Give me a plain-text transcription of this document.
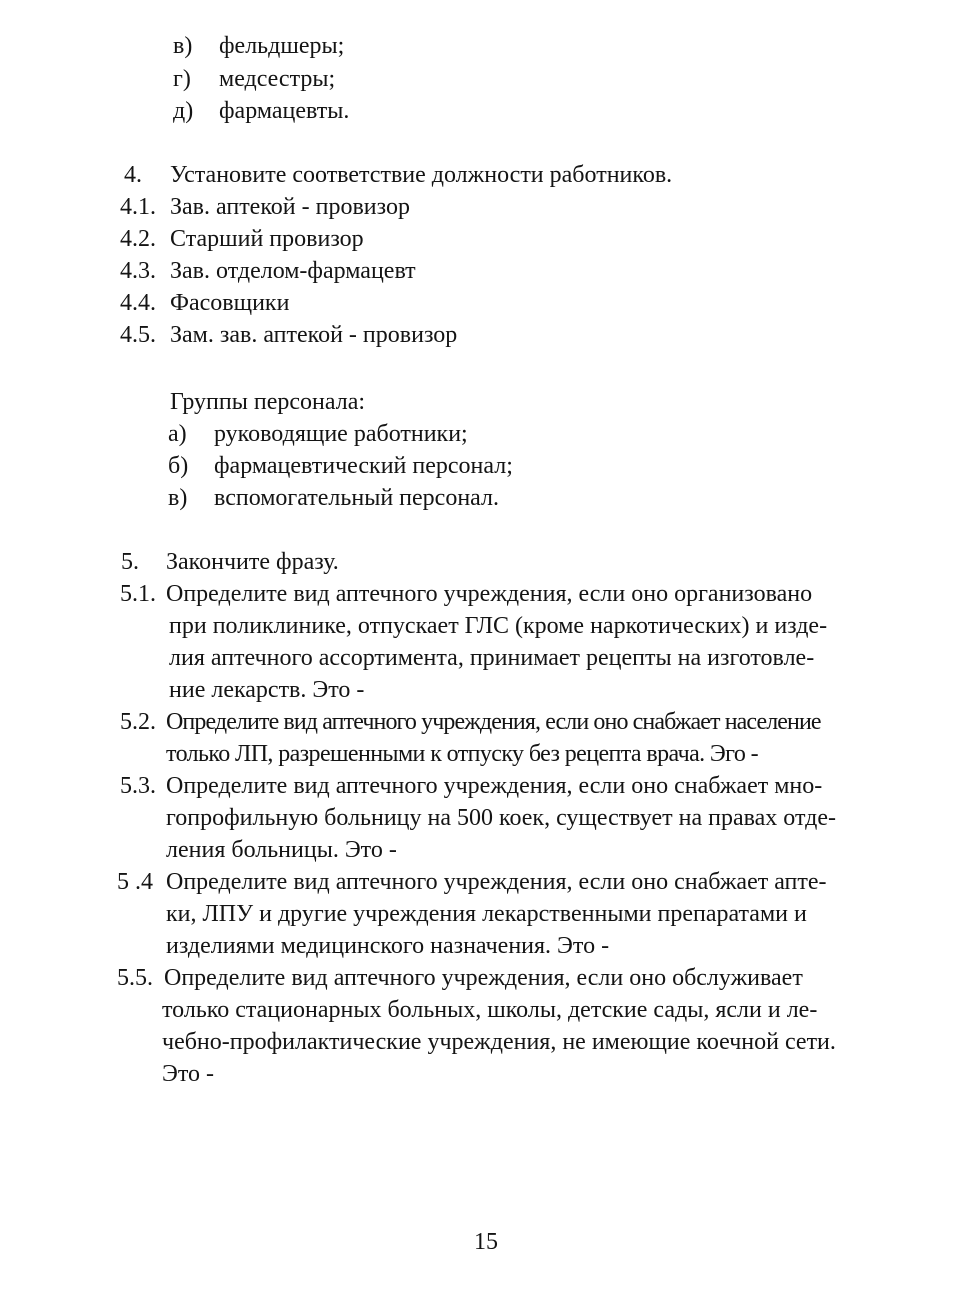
в) фельдшеры;
г) медсестры;
д) фармацевты.
4. Установите соответствие должности работников.
4.1. Зав. аптекой - провизор
4.2. Старший провизор
4.3. Зав. отделом-фармацевт
4.4. Фасовщики
4.5. Зам. зав. аптекой - провизор
Группы персонала:
а) руководящие работники;
б) фармацевтический персонал;
в) вспомогательный персонал.
5. Закончите фразу.
5.1. Определите вид аптечного учреждения, если оно организовано
при поликлинике, отпускает ГЛС (кроме наркотических) и изде-
лия аптечного ассортимента, принимает рецепты на изготовле-
ние лекарств. Это -
5.2. Определите вид аптечного учреждения, если оно снабжает население
только ЛП, разрешенными к отпуску без рецепта врача. Эго -
5.3. Определите вид аптечного учреждения, если оно снабжает мно-
гопрофильную больницу на 500 коек, существует на правах отде-
ления больницы. Это -
5 .4 Определите вид аптечного учреждения, если оно снабжает апте-
ки, ЛПУ и другие учреждения лекарственными препаратами и
изделиями медицинского назначения. Это -
5.5. Определите вид аптечного учреждения, если оно обслуживает
только стационарных больных, школы, детские сады, ясли и ле-
чебно-профилактические учреждения, не имеющие коечной сети.
Это -
15
